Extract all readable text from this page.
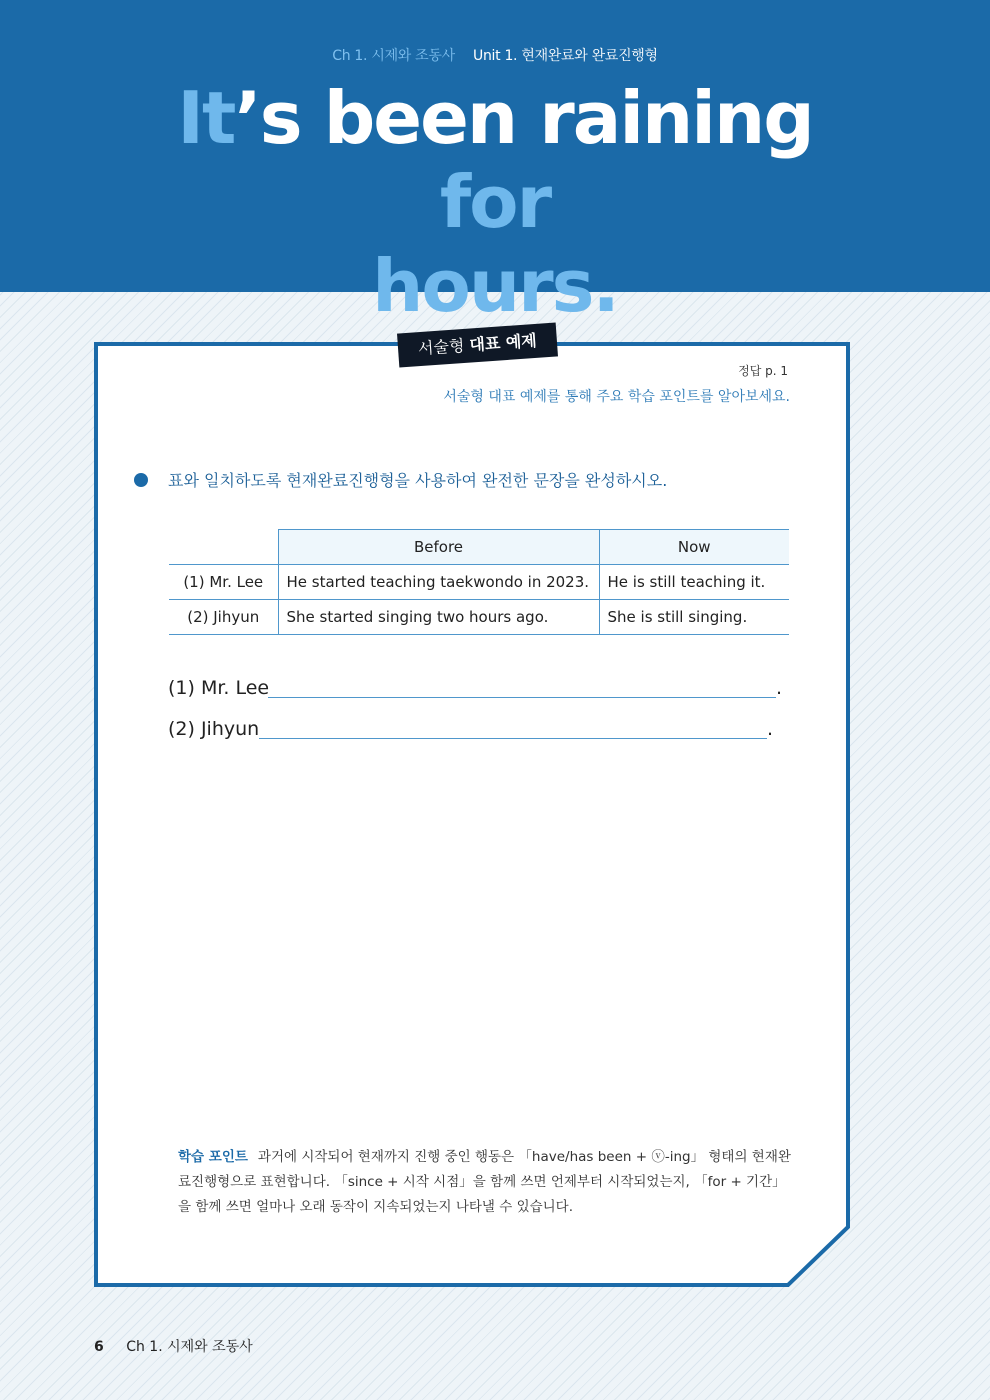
Ch 1. 시제와 조동사 Unit 1. 현재완료와 완료진행형
It’s been raining for
hours.
서술형 대표 예제
정답 p. 1
서술형 대표 예제를 통해 주요 학습 포인트를 알아보세요.
표와 일치하도록 현재완료진행형을 사용하여 완전한 문장을 완성하시오.
	Before	Now
(1) Mr. Lee	He started teaching taekwondo in 2023.	He is still teaching it.
(2) Jihyun	She started singing two hours ago.	She is still singing.
(1) Mr. Lee	.
(2) Jihyun	.
학습 포인트 과거에 시작되어 현재까지 진행 중인 행동은 「have/has been + ⓥ-ing」 형태의 현재완료진행형으로 표현합니다. 「since + 시작 시점」을 함께 쓰면 언제부터 시작되었는지, 「for + 기간」을 함께 쓰면 얼마나 오래 동작이 지속되었는지 나타낼 수 있습니다.
6 Ch 1. 시제와 조동사
